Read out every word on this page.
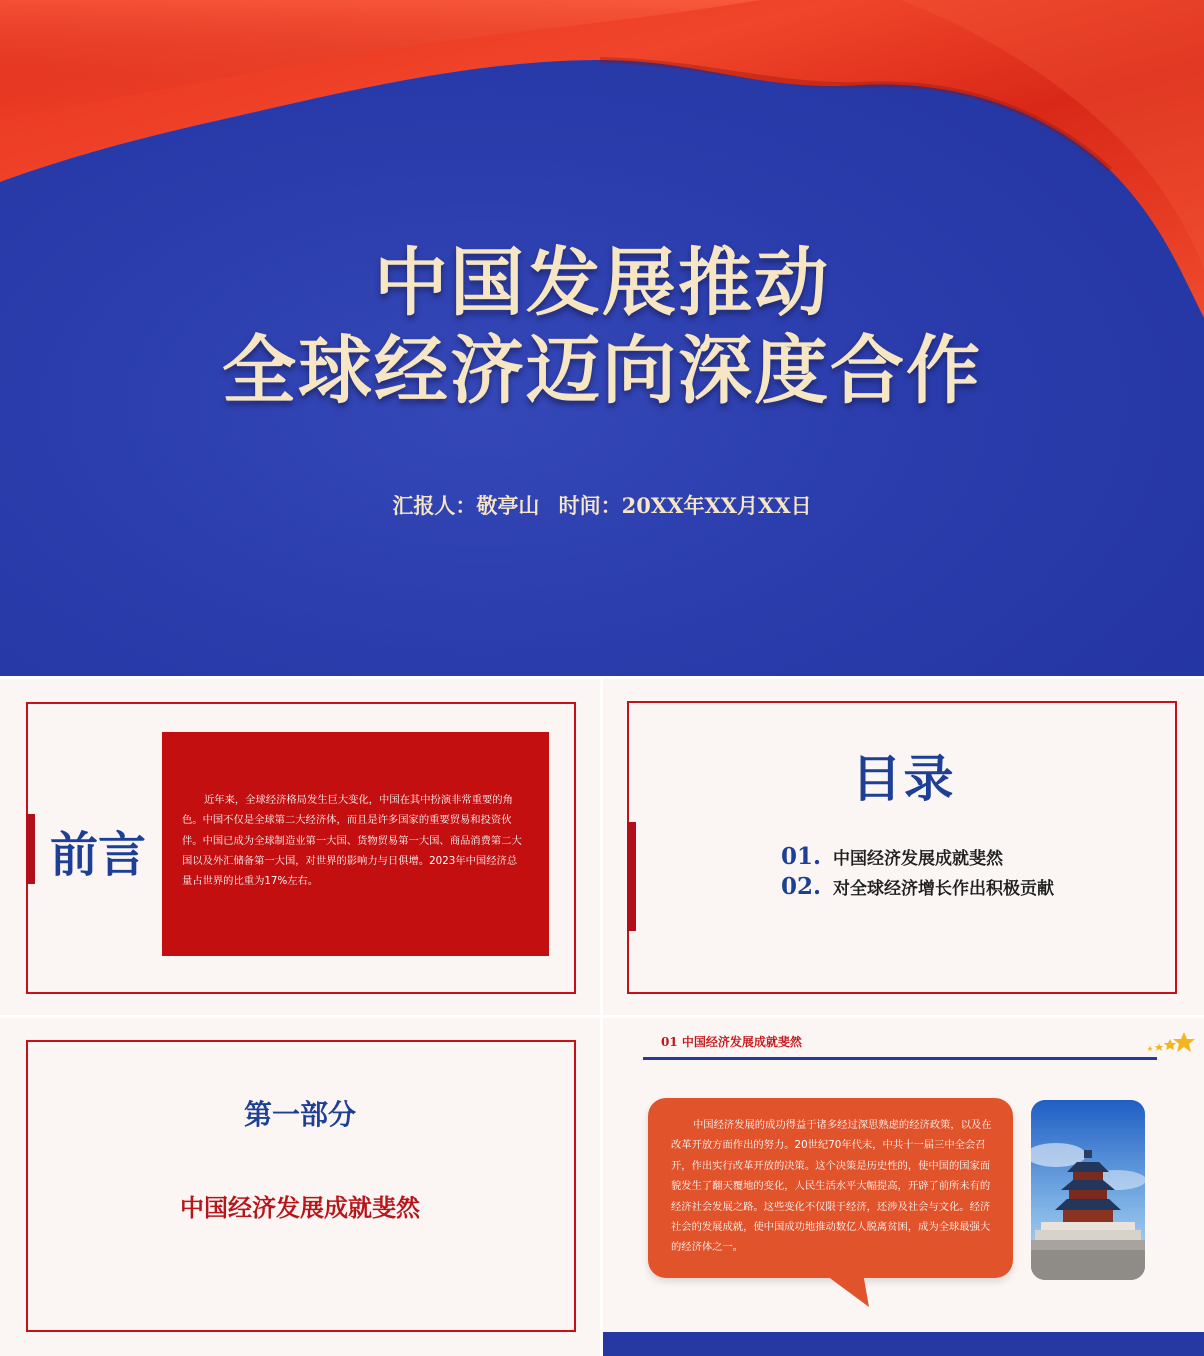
中国发展推动
全球经济迈向深度合作
汇报人：敬亭山 时间：20XX年XX月XX日
前言
近年来，全球经济格局发生巨大变化，中国在其中扮演非常重要的角色。中国不仅是全球第二大经济体，而且是许多国家的重要贸易和投资伙伴。中国已成为全球制造业第一大国、货物贸易第一大国、商品消费第二大国以及外汇储备第一大国，对世界的影响力与日俱增。2023年中国经济总量占世界的比重为17%左右。
目录
01. 中国经济发展成就斐然
02. 对全球经济增长作出积极贡献
第一部分
中国经济发展成就斐然
01 中国经济发展成就斐然
中国经济发展的成功得益于诸多经过深思熟虑的经济政策，以及在改革开放方面作出的努力。20世纪70年代末，中共十一届三中全会召开，作出实行改革开放的决策。这个决策是历史性的，使中国的国家面貌发生了翻天覆地的变化，人民生活水平大幅提高，开辟了前所未有的经济社会发展之路。这些变化不仅限于经济，还涉及社会与文化。经济社会的发展成就，使中国成功地推动数亿人脱离贫困，成为全球最强大的经济体之一。
